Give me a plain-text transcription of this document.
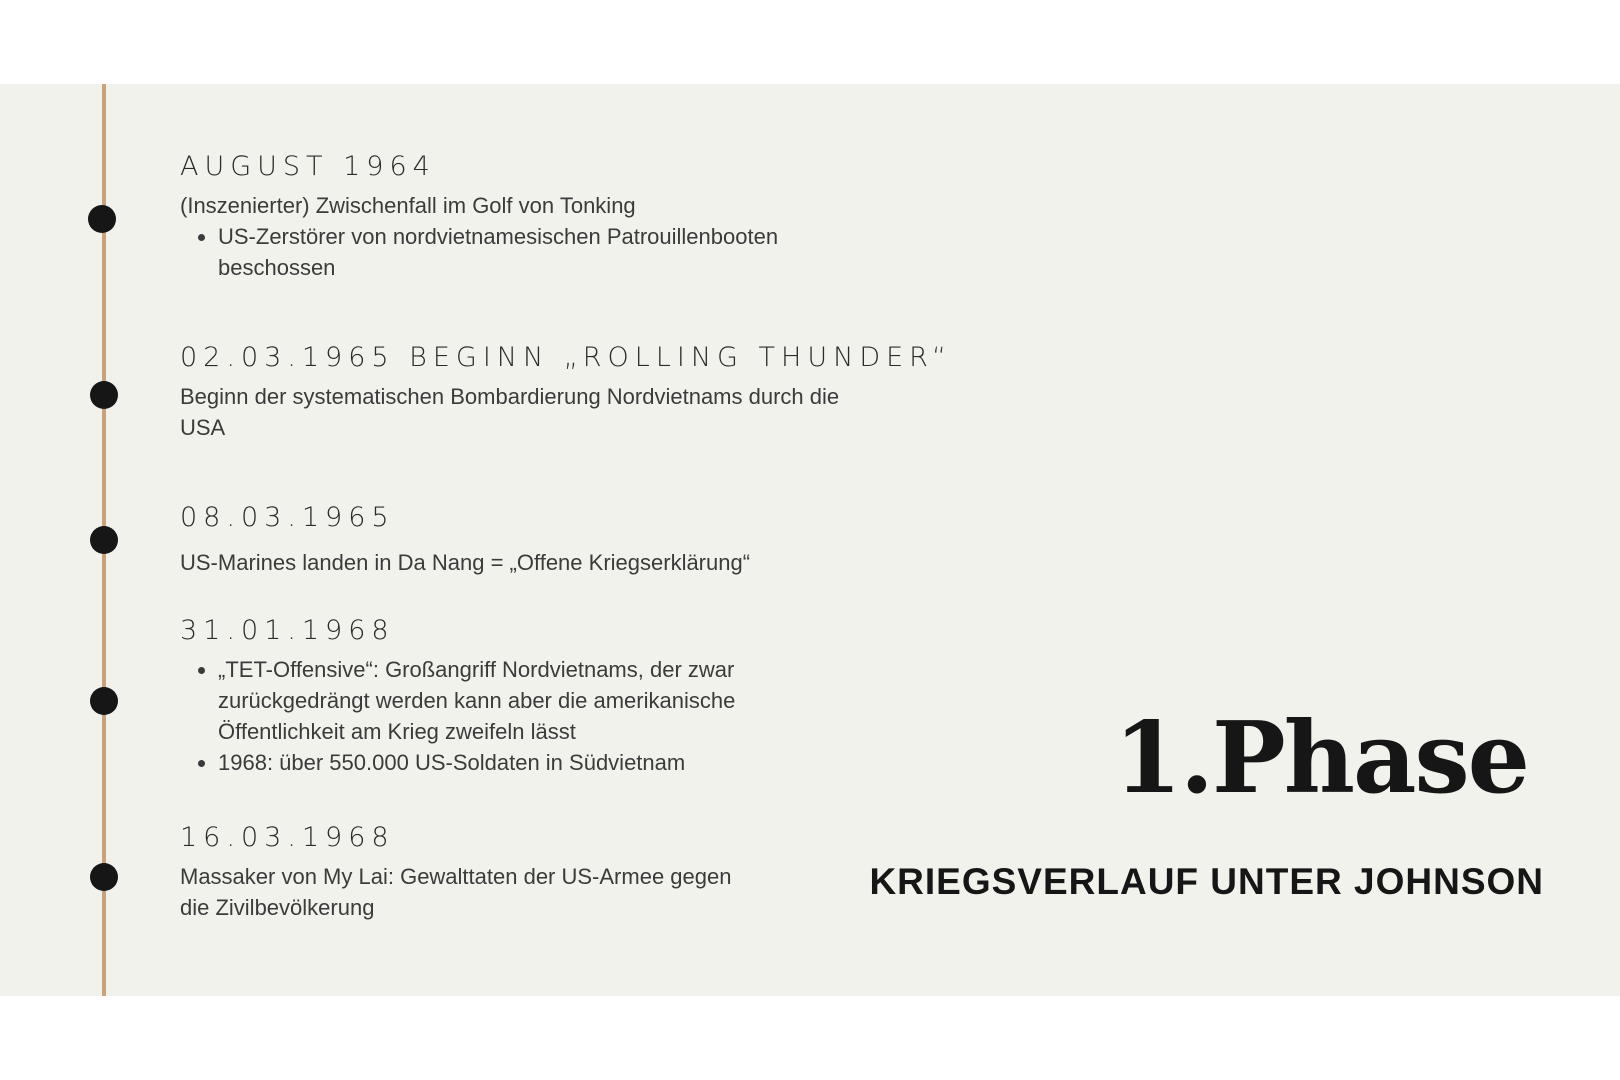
AUGUST 1964

(Inszenierter) Zwischenfall im Golf von Tonking

• US-Zerstörer von nordvietnamesischen Patrouillenbooten beschossen
02.03.1965 BEGINN „ROLLING THUNDER“

Beginn der systematischen Bombardierung Nordvietnams durch die USA

08.03.1965

US-Marines landen in Da Nang = „Offene Kriegserklärung“

31.01.1968
• „TET-Offensive“: Großangriff Nordvietnams, der zwar zurückgedrängt werden kann aber die amerikanische Öffentlichkeit am Krieg zweifeln lässt
• 1968: über 550.000 US-Soldaten in Südvietnam
16.03.1968

Massaker von My Lai: Gewalttaten der US-Armee gegen die Zivilbevölkerung

1.Phase
KRIEGSVERLAUF UNTER JOHNSON
